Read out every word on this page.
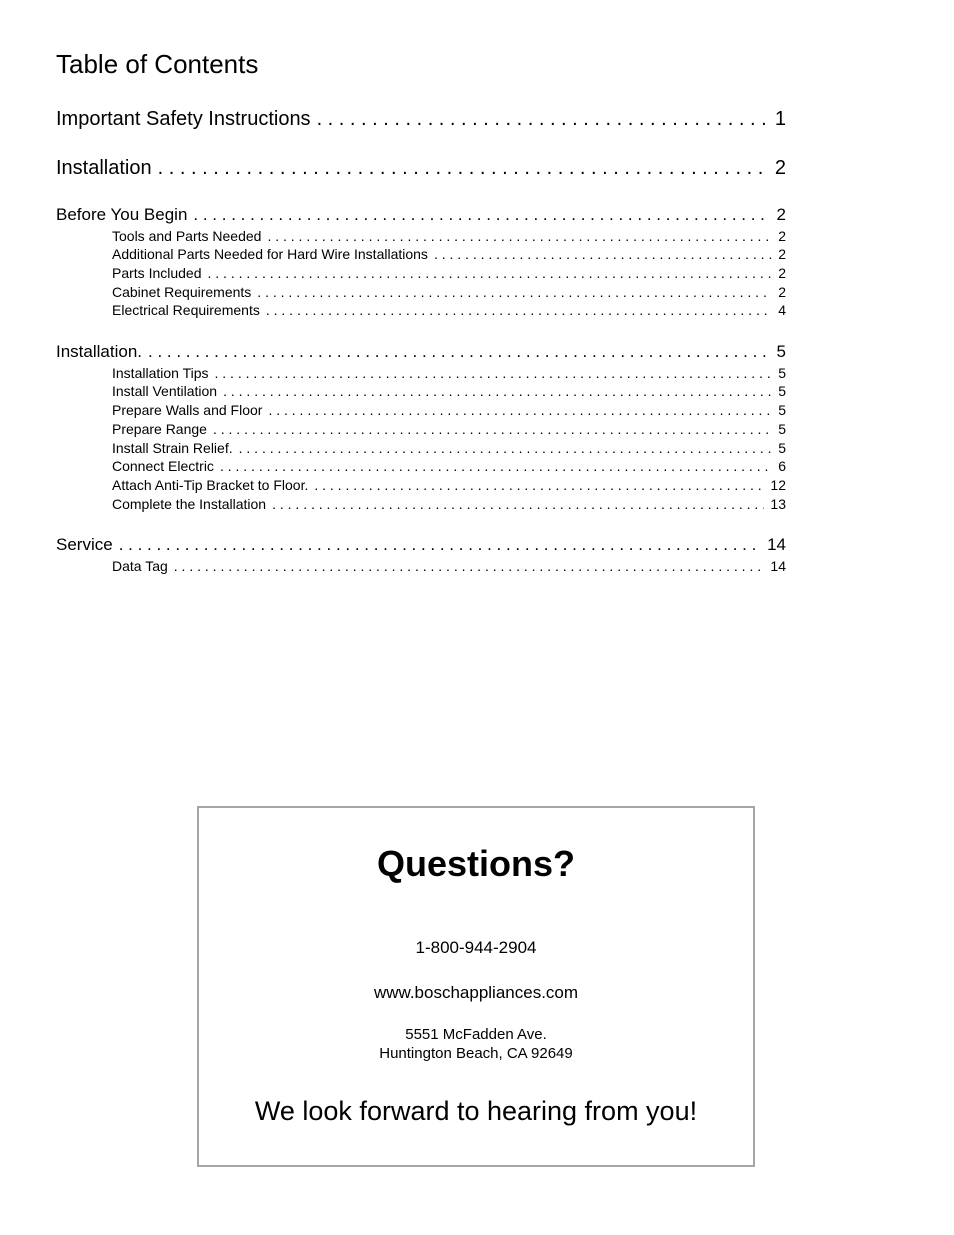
Table of Contents
Important Safety Instructions . . .	1
Installation . . .	2
Before You Begin . . .	2
Tools and Parts Needed . . .	2
Additional Parts Needed for Hard Wire Installations . . .	2
Parts Included . . .	2
Cabinet Requirements . . .	2
Electrical Requirements . . .	4
Installation. . . .	5
Installation Tips . . .	5
Install Ventilation . . .	5
Prepare Walls and Floor . . .	5
Prepare Range . . .	5
Install Strain Relief. . . .	5
Connect Electric . . .	6
Attach Anti-Tip Bracket to Floor. . . .	12
Complete the Installation . . .	13
Service . . .	14
Data Tag . . .	14
Questions?
1-800-944-2904
www.boschappliances.com
5551 McFadden Ave.
Huntington Beach, CA 92649
We look forward to hearing from you!
